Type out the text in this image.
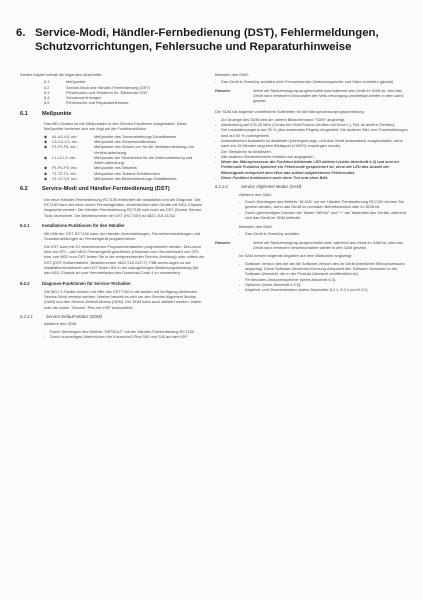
6. Service-Modi, Händler-Fernbedienung (DST), Fehlermeldungen, Schutzvorrichtungen, Fehlersuche und Reparaturhinweise

Dieses Kapitel enthält die folgenden Abschnitte:

6.1	Meßpunkte
6.2	Service-Modi und Händler-Fernbedienung (DST)
6.3	Fehlercodes und Verfahren für "Blinkende LED"
6.4	Schutzvorrichtungen
6.5	Fehlersuche und Reparaturhinweise
6.1	Meßpunkte

Das MD-Chassis ist mit Meßpunkten in den Service-Positionen ausgestattet. Diese Meßpunkte beziehen sich wie folgt auf die Funktionsblöcke:

◆	A1-A2-A3, etc.:	Meßpunkte des Tonverarbeitungs-Schaltkreises
◆	C1-C2-C3, etc.:	Meßpunkte des Steuerschaltkreises
◆	F1-F2-F3, etc.:	Meßpunkte des Stroms von für die Vertikalumlenkung und Vertikal-ablenkung
◆	L1-L2-L3, etc.:	Meßpunkte der Stromkreise für die Zeilenumlenkung und Zeilen-ablenkung
◆	P1-P2-P3, etc.:	Meßpunkte des Netzteils
◆	T1-T2-T3, etc.:	Meßpunkte des Teletext-Schaltkreises
◆	V1-V2-V3, etc.:	Meßpunkte des Bildverarbeitungs-Schaltkreises
6.2	Service-Modi und Händler-Fernbedienung (DST)

Die neue Händler-Fernbedienung RC7150 erleichtert die Installation und die Diagnose. Die RC7150 kann bei einer neuen Fernsehgeräten, einschließlich aller Geräte mit MD1-Chassis eingesetzt werden. Die Händler-Fernbedienung RC7150 wird auch als DST (Dealer Service Tool) bezeichnet. Die Bestellnummer der DST (RC7150) ist 4822 218 21232.

6.2.1	Installations-Funktionen für den Händler

Mit Hilfe der DST RC7150 kann der Händler Voreinstellungen, Fernsehereinstellungen und Soundeinstellungen an Fernsehgerät programmieren.

Die DST kann mit 10 verschiedenen Programmiertabellen programmiert werden. Dies kann über ein GFL- oder MD2-Fernsehgerät geschehen (Hinweise zum Herunterladen von GFL bzw. von MD2 zum DST finden Sie in der entsprechenden Service-Anleitung) oder mittels der DST-(DST-Sollwerttabelle, Bestellnummer 4822 218 21277). Fällt-sechs-tagen zu der Installationsfunktionen der DST finden Sie in der dazugehörigen Bedienungsanleitung (für das MD1-Chassis ist zum Herunterladen des Download-Code 4 zu verwenden).

6.2.2	Diagnose-Funktionen für Service-Techniker

Die MD1 2-Geräte können mit Hilfe des DST7150 in die beiden mit Verfügung stehenden Service-Modi versetzt werden. Hierbei handelt es sich um den Service Alignment Modus (SAM) und den Service-Default-Modus (SDM). Der SDM kann auch aktiviert werden, indem man die cooler "Service"-Pins der KSP kurzschließt.

6.2.2.1	Service-Default-Modus (SDM)

Aktiviere des SDM:

-	Durch Übertragen des Befehls "DEFAULT" mit der Händler-Fernbedienung RC7150.
-	Durch kurzzeitiges Überbrücken der Kurzschluß-Pins S40 und S43 auf der KSP.

Beenden des SDM:

-	Das Gerät in Stand-by schalten oder Fernsehsender-Zwischenspeicher und Sabe einstellen (global)
Hinweis:	Wenn die Netzversorgung ausgeschaltet wird während das Gerät im SDM ist, wird das Gerät nach erneutem Einschalten der Netz-versorgung unmittelbar wieder in dem sdm1 gesetzt.

Der SDM hat folgende vordefinierte Sollbreiten für die Mikroprozessorprogrammierung:

-	Zur Anzeige des SDM wird am oberen Bildschirmrand "SDM" angezeigt.
-	Abstimmung auf 475,25 MHz (Cerain bei Multi-France-Geräten mit Norm L), PAL ist andere Geräten).
-	Der Lautstärkepegel is auf 25 % (des maximalen Pegels) eingestellt. Die anderen Bild- und Toneinstellungen sind auf 50 % voreingestellt.
-	Automatischen Austasten ist deaktiviert (reintegrierungs- und-das Gerät automatisch ausgeschaltet, wenn nach-ein 15 Minuten lang kein Bildsignal (VIDEO) empfangen wurde).
-	Der Sleeptimer ist deaktiviert.
-	Alle anderen Steuerelemente funktion wie angegeben.
-	Wenn der Mikroprozessor die Funktion blinkende LED aktiviert (siehe Abschnitt 6.3) und zum im Fehlercode Funktion spechert ein Fehlercode gespeichert ist, ohne die LED des Anzahl der Blinksignale entspricht dem Wert das zuletzt aufgetretenen Fehlercodes.
-	Diese Funktion funktioniert auch ohne Ton und ohne Bild.
6.2.2.2	Service Alignment Modus (SAM)

Aktiviere des SAM:

-	Durch Übertragen des Befehls "ALIGN" mit der Händler-Fernbedienung RC7150 können Sie gesetzt werden, wenn das Gerät im normalen Betriebsmodus oder im SDM ist.
-	Durch gleichzeitiges Drücken der Tasten "MENU" und "+" am Tastenfeld des Geräts, während sich das Gerät im SDM befindet.

Beenden des SAM:

-	Das Gerät in Stand-by schalten.
Hinweis:	Wenn die Netzversorgung ausgeschaltet wird, während das Gerät im SAM ist, wird das Gerät nach erneutem Netzeinschalten wieder in den SAM gesetzt.

Im SAM werden folgende Angaben auf dem Bildschirm angezeigt:

-	Software-Version des die akt die Software-Version des im Gerät jeweilichen Mikroprozessors angezeigt. Diese Software-Versionen-Kennung entspricht den Software-Versionen in der Software-Übersicht, die in der Produkt-Übersicht veröffentlicht ist).
-	Fehlercodes-Zwischenspeicher (siehe Abschnitt 6.3).
-	Optionen (siehe Abschnitt 6.2.6).
-	Abgleich- und Geometriedaten (siehe Abschnitte 8.2.1, 8.3.1 und 8.3.2).
